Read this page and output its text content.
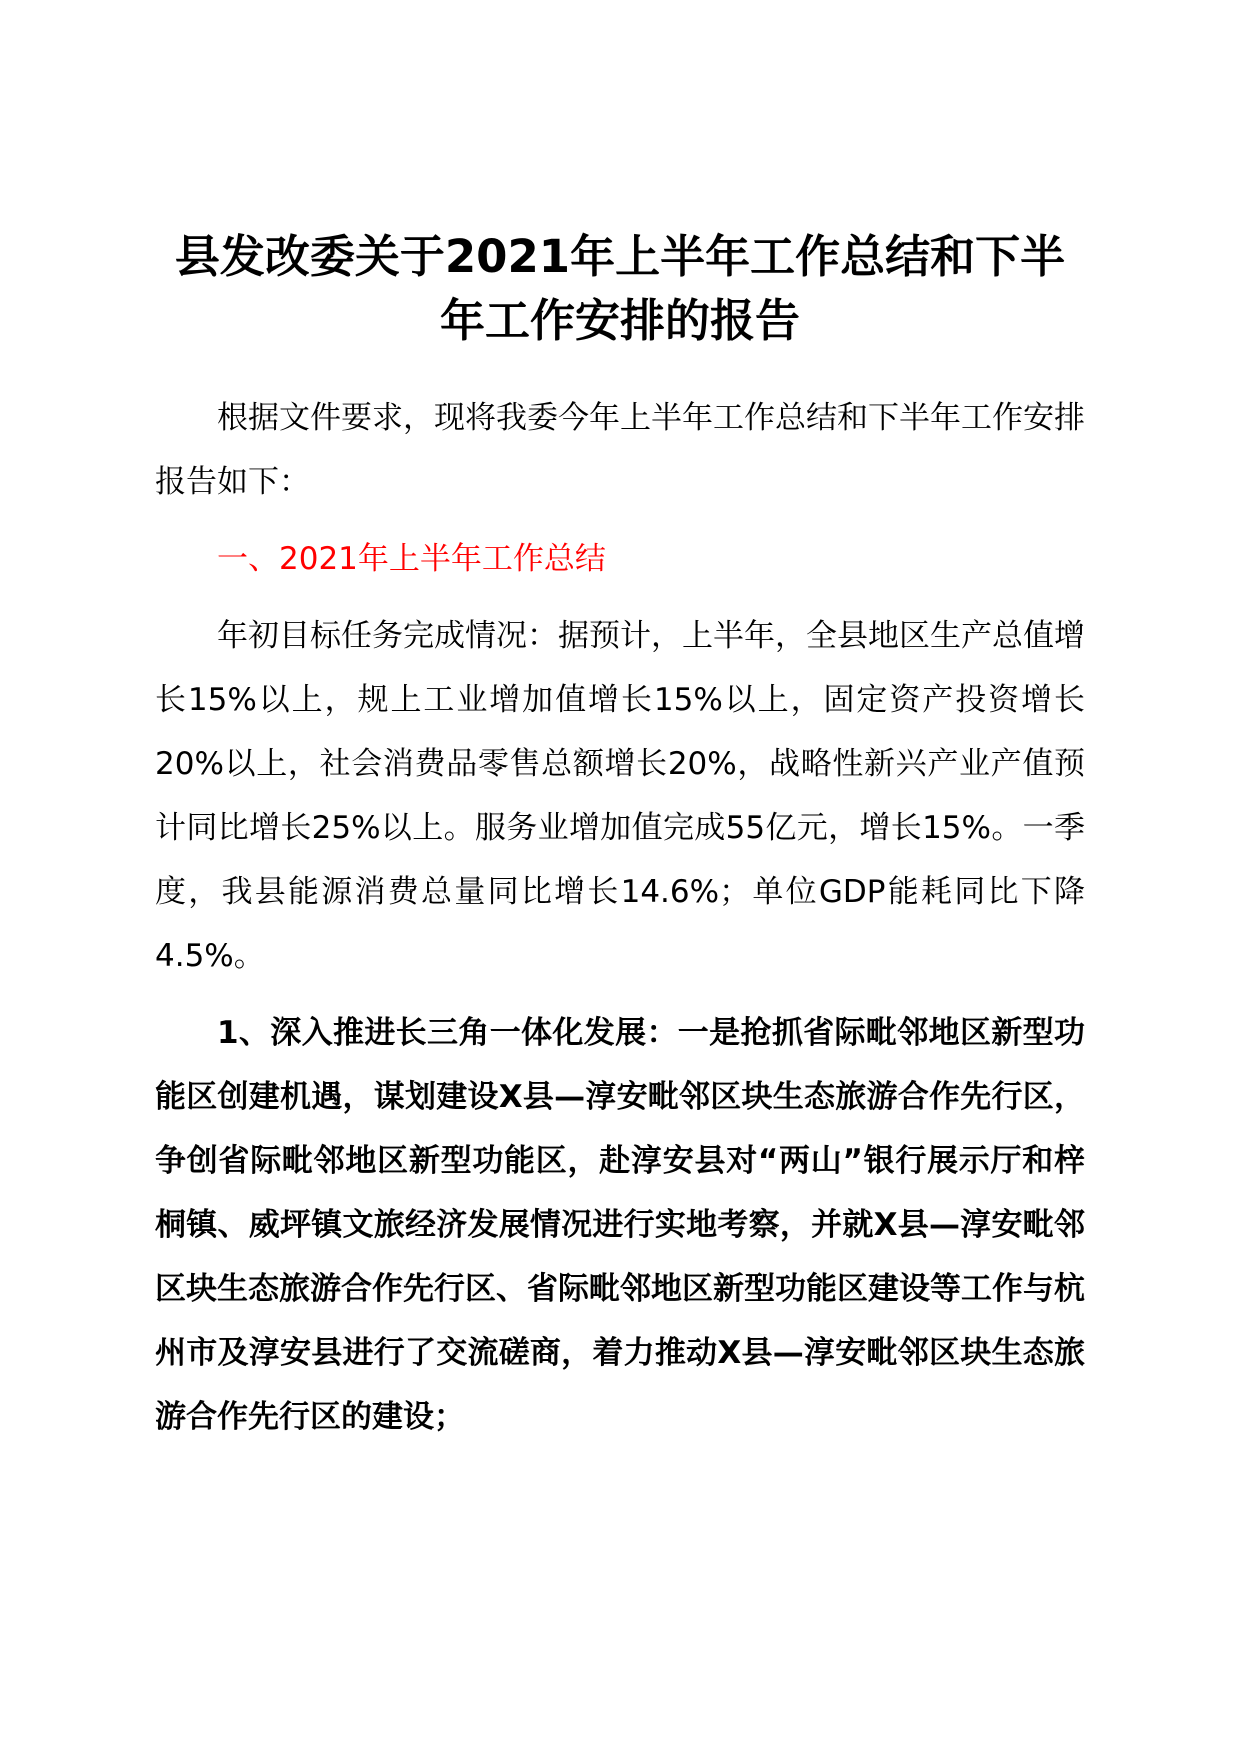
县发改委关于2021年上半年工作总结和下半年工作安排的报告

根据文件要求，现将我委今年上半年工作总结和下半年工作安排报告如下：

一、2021年上半年工作总结

年初目标任务完成情况：据预计，上半年，全县地区生产总值增长15%以上，规上工业增加值增长15%以上，固定资产投资增长20%以上，社会消费品零售总额增长20%，战略性新兴产业产值预计同比增长25%以上。服务业增加值完成55亿元，增长15%。一季度，我县能源消费总量同比增长14.6%；单位GDP能耗同比下降4.5%。

1、深入推进长三角一体化发展：一是抢抓省际毗邻地区新型功能区创建机遇，谋划建设X县—淳安毗邻区块生态旅游合作先行区，争创省际毗邻地区新型功能区，赴淳安县对“两山”银行展示厅和梓桐镇、威坪镇文旅经济发展情况进行实地考察，并就X县—淳安毗邻区块生态旅游合作先行区、省际毗邻地区新型功能区建设等工作与杭州市及淳安县进行了交流磋商，着力推动X县—淳安毗邻区块生态旅游合作先行区的建设；
